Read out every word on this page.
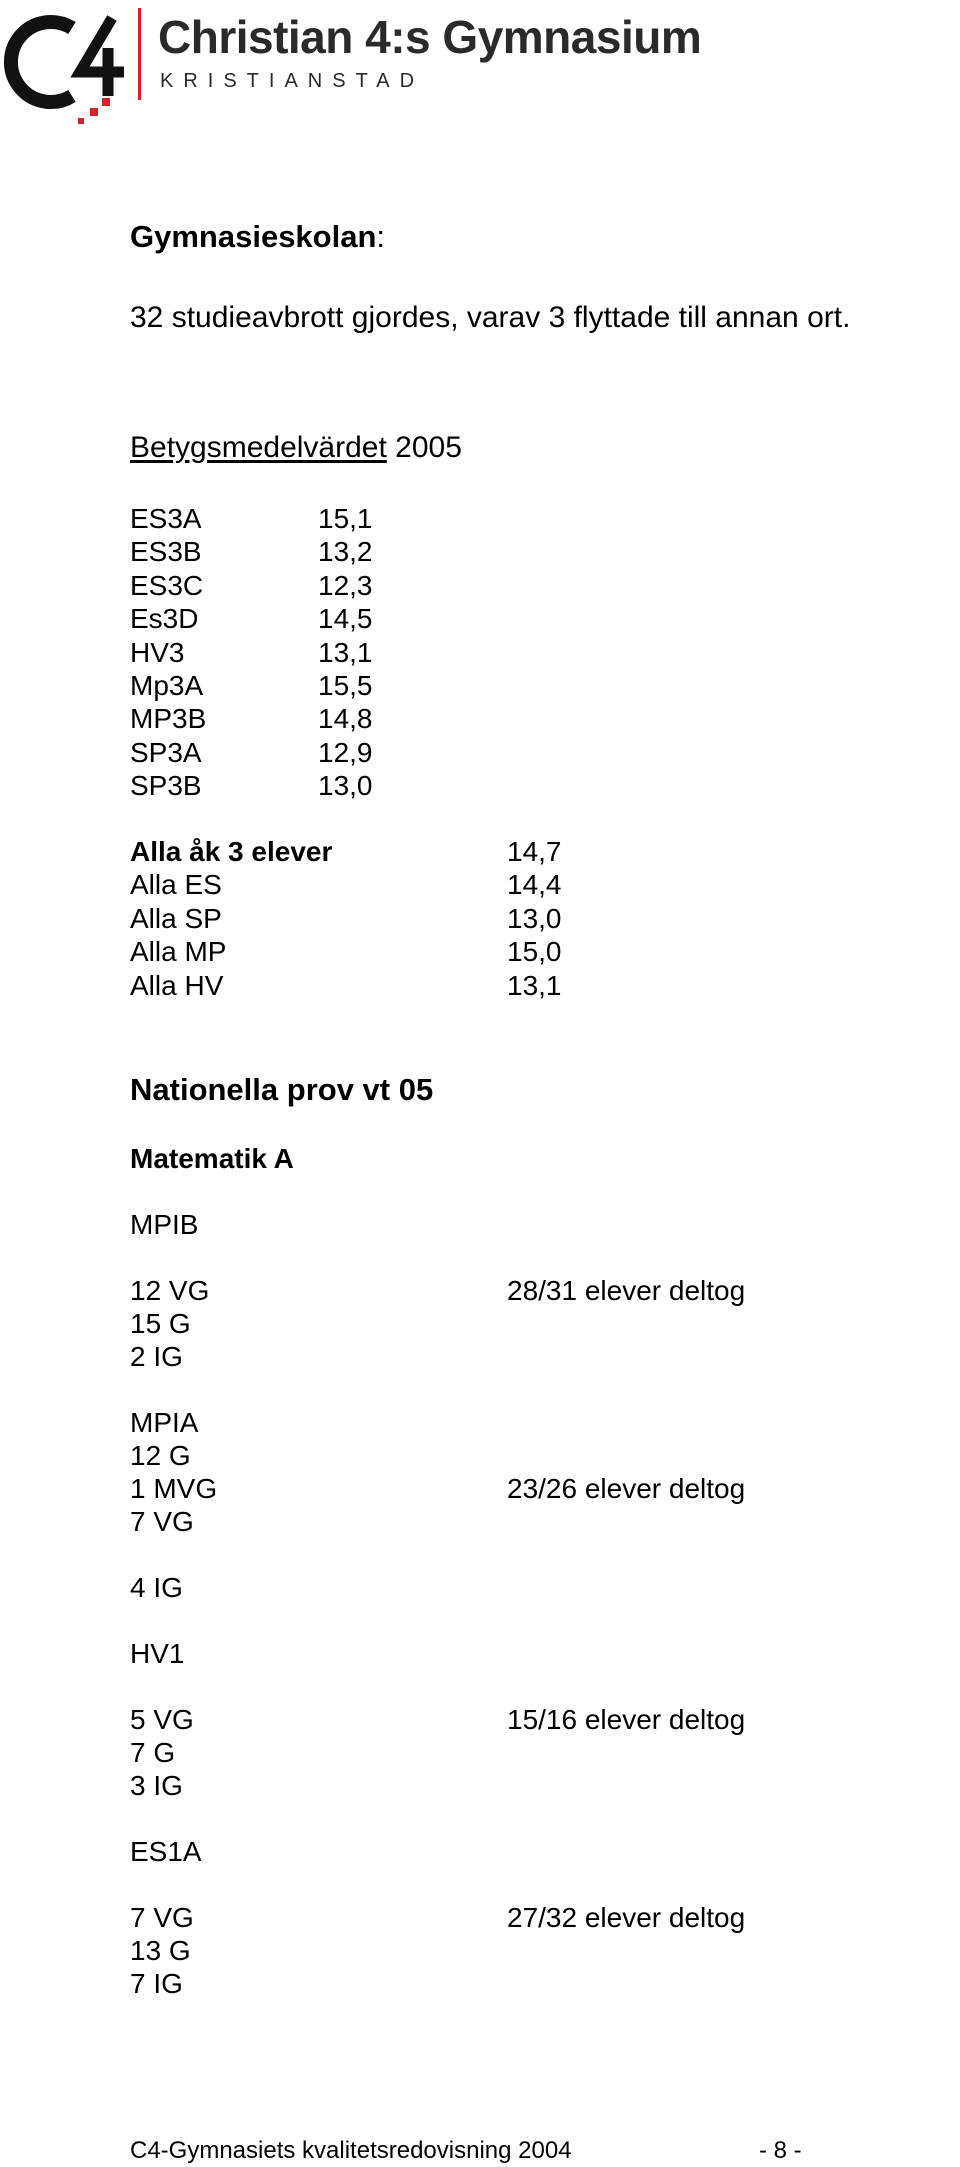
Christian 4:s Gymnasium
KRISTIANSTAD
Gymnasieskolan:
32 studieavbrott gjordes, varav 3 flyttade till annan ort.
Betygsmedelvärdet 2005
ES3A	15,1
ES3B	13,2
ES3C	12,3
Es3D	14,5
HV3	13,1
Mp3A	15,5
MP3B	14,8
SP3A	12,9
SP3B	13,0
Alla åk 3 elever	14,7
Alla ES	14,4
Alla SP	13,0
Alla MP	15,0
Alla HV	13,1
Nationella prov vt 05
Matematik A
MPIB
12 VG	28/31 elever deltog
15 G
2 IG
MPIA
12 G
1 MVG	23/26 elever deltog
7 VG
4 IG
HV1
5 VG	15/16 elever deltog
7 G
3 IG
ES1A
7 VG	27/32 elever deltog
13 G
7 IG
C4-Gymnasiets kvalitetsredovisning 2004	- 8 -
